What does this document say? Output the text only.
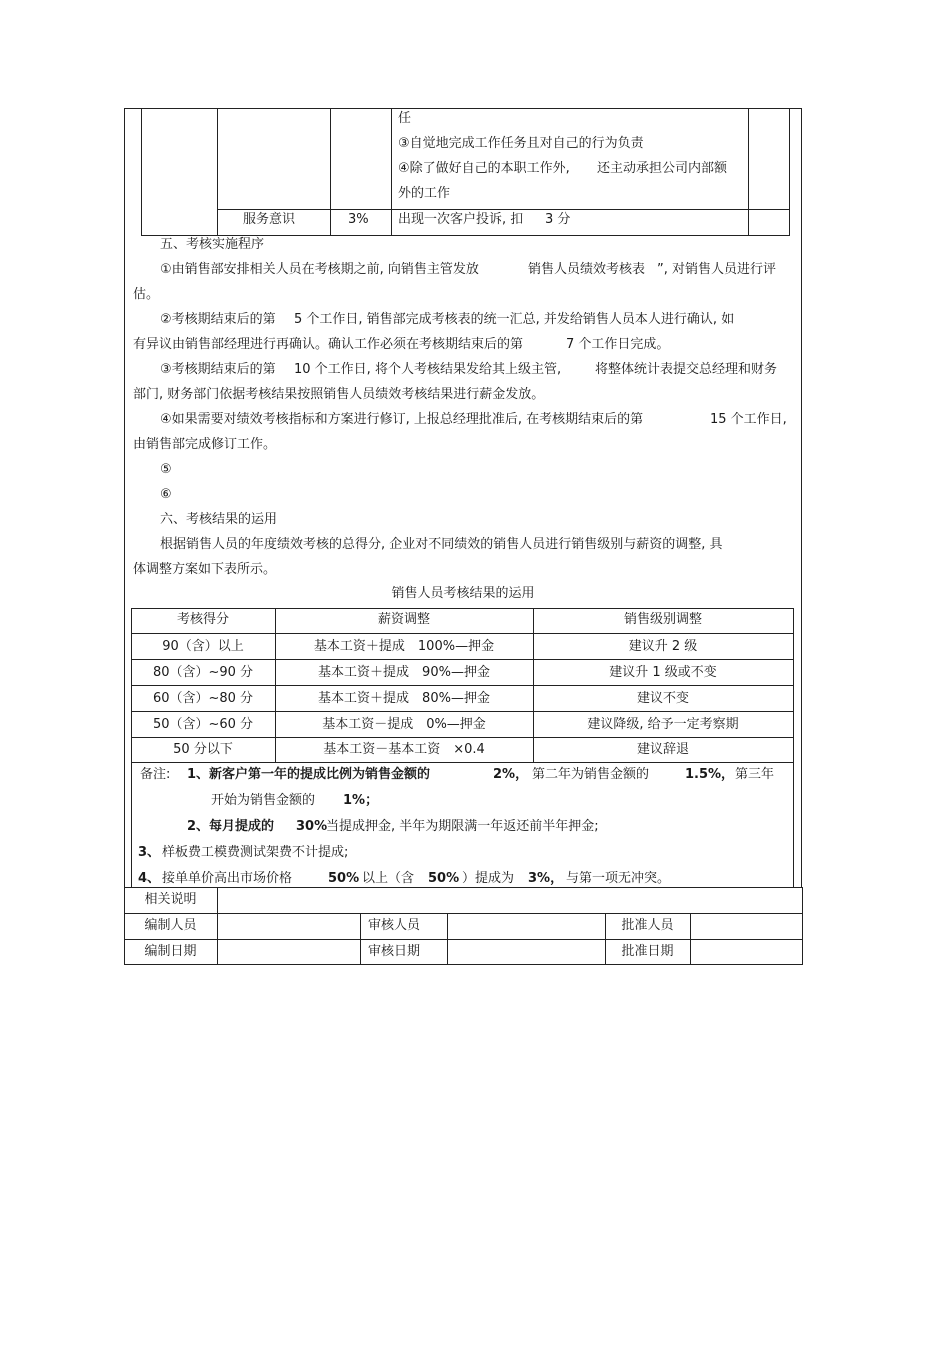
任
③自觉地完成工作任务且对自己的行为负责
④除了做好自己的本职工作外, 还主动承担公司内部额
外的工作
服务意识	3% 出现一次客户投诉, 扣 3 分
五、考核实施程序
①由销售部安排相关人员在考核期之前, 向销售主管发放	销售人员绩效考核表 ”, 对销售人员进行评
估。
②考核期结束后的第 5 个工作日, 销售部完成考核表的统一汇总, 并发给销售人员本人进行确认, 如
有异议由销售部经理进行再确认。确认工作必须在考核期结束后的第	7 个工作日完成。
③考核期结束后的第 10 个工作日, 将个人考核结果发给其上级主管,	将整体统计表提交总经理和财务
部门, 财务部门依据考核结果按照销售人员绩效考核结果进行薪金发放。
④如果需要对绩效考核指标和方案进行修订, 上报总经理批准后, 在考核期结束后的第	15 个工作日,
由销售部完成修订工作。
⑤
⑥
六、考核结果的运用
根据销售人员的年度绩效考核的总得分, 企业对不同绩效的销售人员进行销售级别与薪资的调整, 具
体调整方案如下表所示。
销售人员考核结果的运用
考核得分	薪资调整	销售级别调整
90（含）以上	基本工资＋提成　100%—押金	建议升 2 级
80（含）~90 分	基本工资＋提成　90%—押金	建议升 1 级或不变
60（含）~80 分	基本工资＋提成　80%—押金	建议不变
50（含）~60 分	基本工资－提成　0%—押金	建议降级, 给予一定考察期
50 分以下	基本工资－基本工资　×0.4	建议辞退
备注: 1、新客户第一年的提成比例为销售金额的	2%， 第二年为销售金额的	1.5%， 第三年
开始为销售金额的 1%；
2、每月提成的 30%
当提成押金, 半年为期限满一年返还前半年押金;
3、 样板费工模费测试架费不计提成;
4、 接单单价高出市场价格	50% 以上（含 50% ）提成为 3%， 与第一项无冲突。
相关说明
编制人员	审核人员	批准人员
编制日期	审核日期	批准日期
